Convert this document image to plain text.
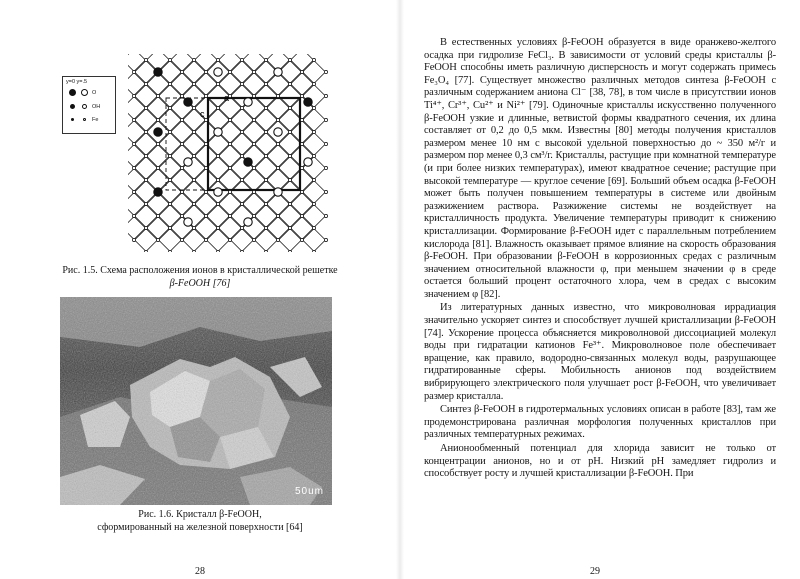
y=0 y=.5
O
OH
Fe
a
c
Рис. 1.5. Схема расположения ионов в кристаллической решетке
β-FeOOH [76]
50um
Рис. 1.6. Кристалл β-FeOOH,
сформированный на железной поверхности [64]
28

В естественных условиях β-FeOOH образуется в виде оранжево-желтого осадка при гидролизе FeCl₃. В зависимости от условий среды кристаллы β-FeOOH способны иметь различную дисперсность и могут содержать примесь Fe₃O₄ [77]. Существует множество различных методов синтеза β-FeOOH с различным содержанием аниона Cl⁻ [38, 78], в том числе в присутствии ионов Ti⁴⁺, Cr³⁺, Cu²⁺ и Ni²⁺ [79]. Одиночные кристаллы искусственно полученного β-FeOOH узкие и длинные, ветвистой формы квадратного сечения, их длина составляет от 0,2 до 0,5 мкм. Известны [80] методы получения кристаллов размером менее 10 нм с высокой удельной поверхностью до ~ 350 м²/г и размером пор менее 0,3 см³/г. Кристаллы, растущие при комнатной температуре (и при более низких температурах), имеют квадратное сечение; растущие при высокой температуре — круглое сечение [69]. Больший объем осадка β-FeOOH может быть получен повышением температуры в системе или двойным разжижением раствора. Разжижение системы не воздействует на кристалличность продукта. Увеличение температуры приводит к снижению кристаллизации. Формирование β-FeOOH идет с параллельным потреблением кислорода [81]. Влажность оказывает прямое влияние на скорость образования β-FeOOH. При образовании β-FeOOH в коррозионных средах с различным значением относительной влажности φ, при меньшем значении φ в среде остается больший процент остаточного хлора, чем в средах с высоким значением φ [82].

Из литературных данных известно, что микроволновая иррадиация значительно ускоряет синтез и способствует лучшей кристаллизации β-FeOOH [74]. Ускорение процесса объясняется микроволновой диссоциацией молекул воды при гидратации катионов Fe³⁺. Микроволновое поле обеспечивает вращение, как правило, водородно-связанных молекул воды, разрушающее гидратированные сферы. Мобильность анионов под воздействием вибрирующего электрического поля улучшает рост β-FeOOH, что увеличивает размер кристалла.

Синтез β-FeOOH в гидротермальных условиях описан в работе [83], там же продемонстрирована различная морфология полученных кристаллов при различных температурных режимах.

Анионообменный потенциал для хлорида зависит не только от концентрации анионов, но и от pH. Низкий pH замедляет гидролиз и способствует росту и лучшей кристаллизации β-FeOOH. При

29
